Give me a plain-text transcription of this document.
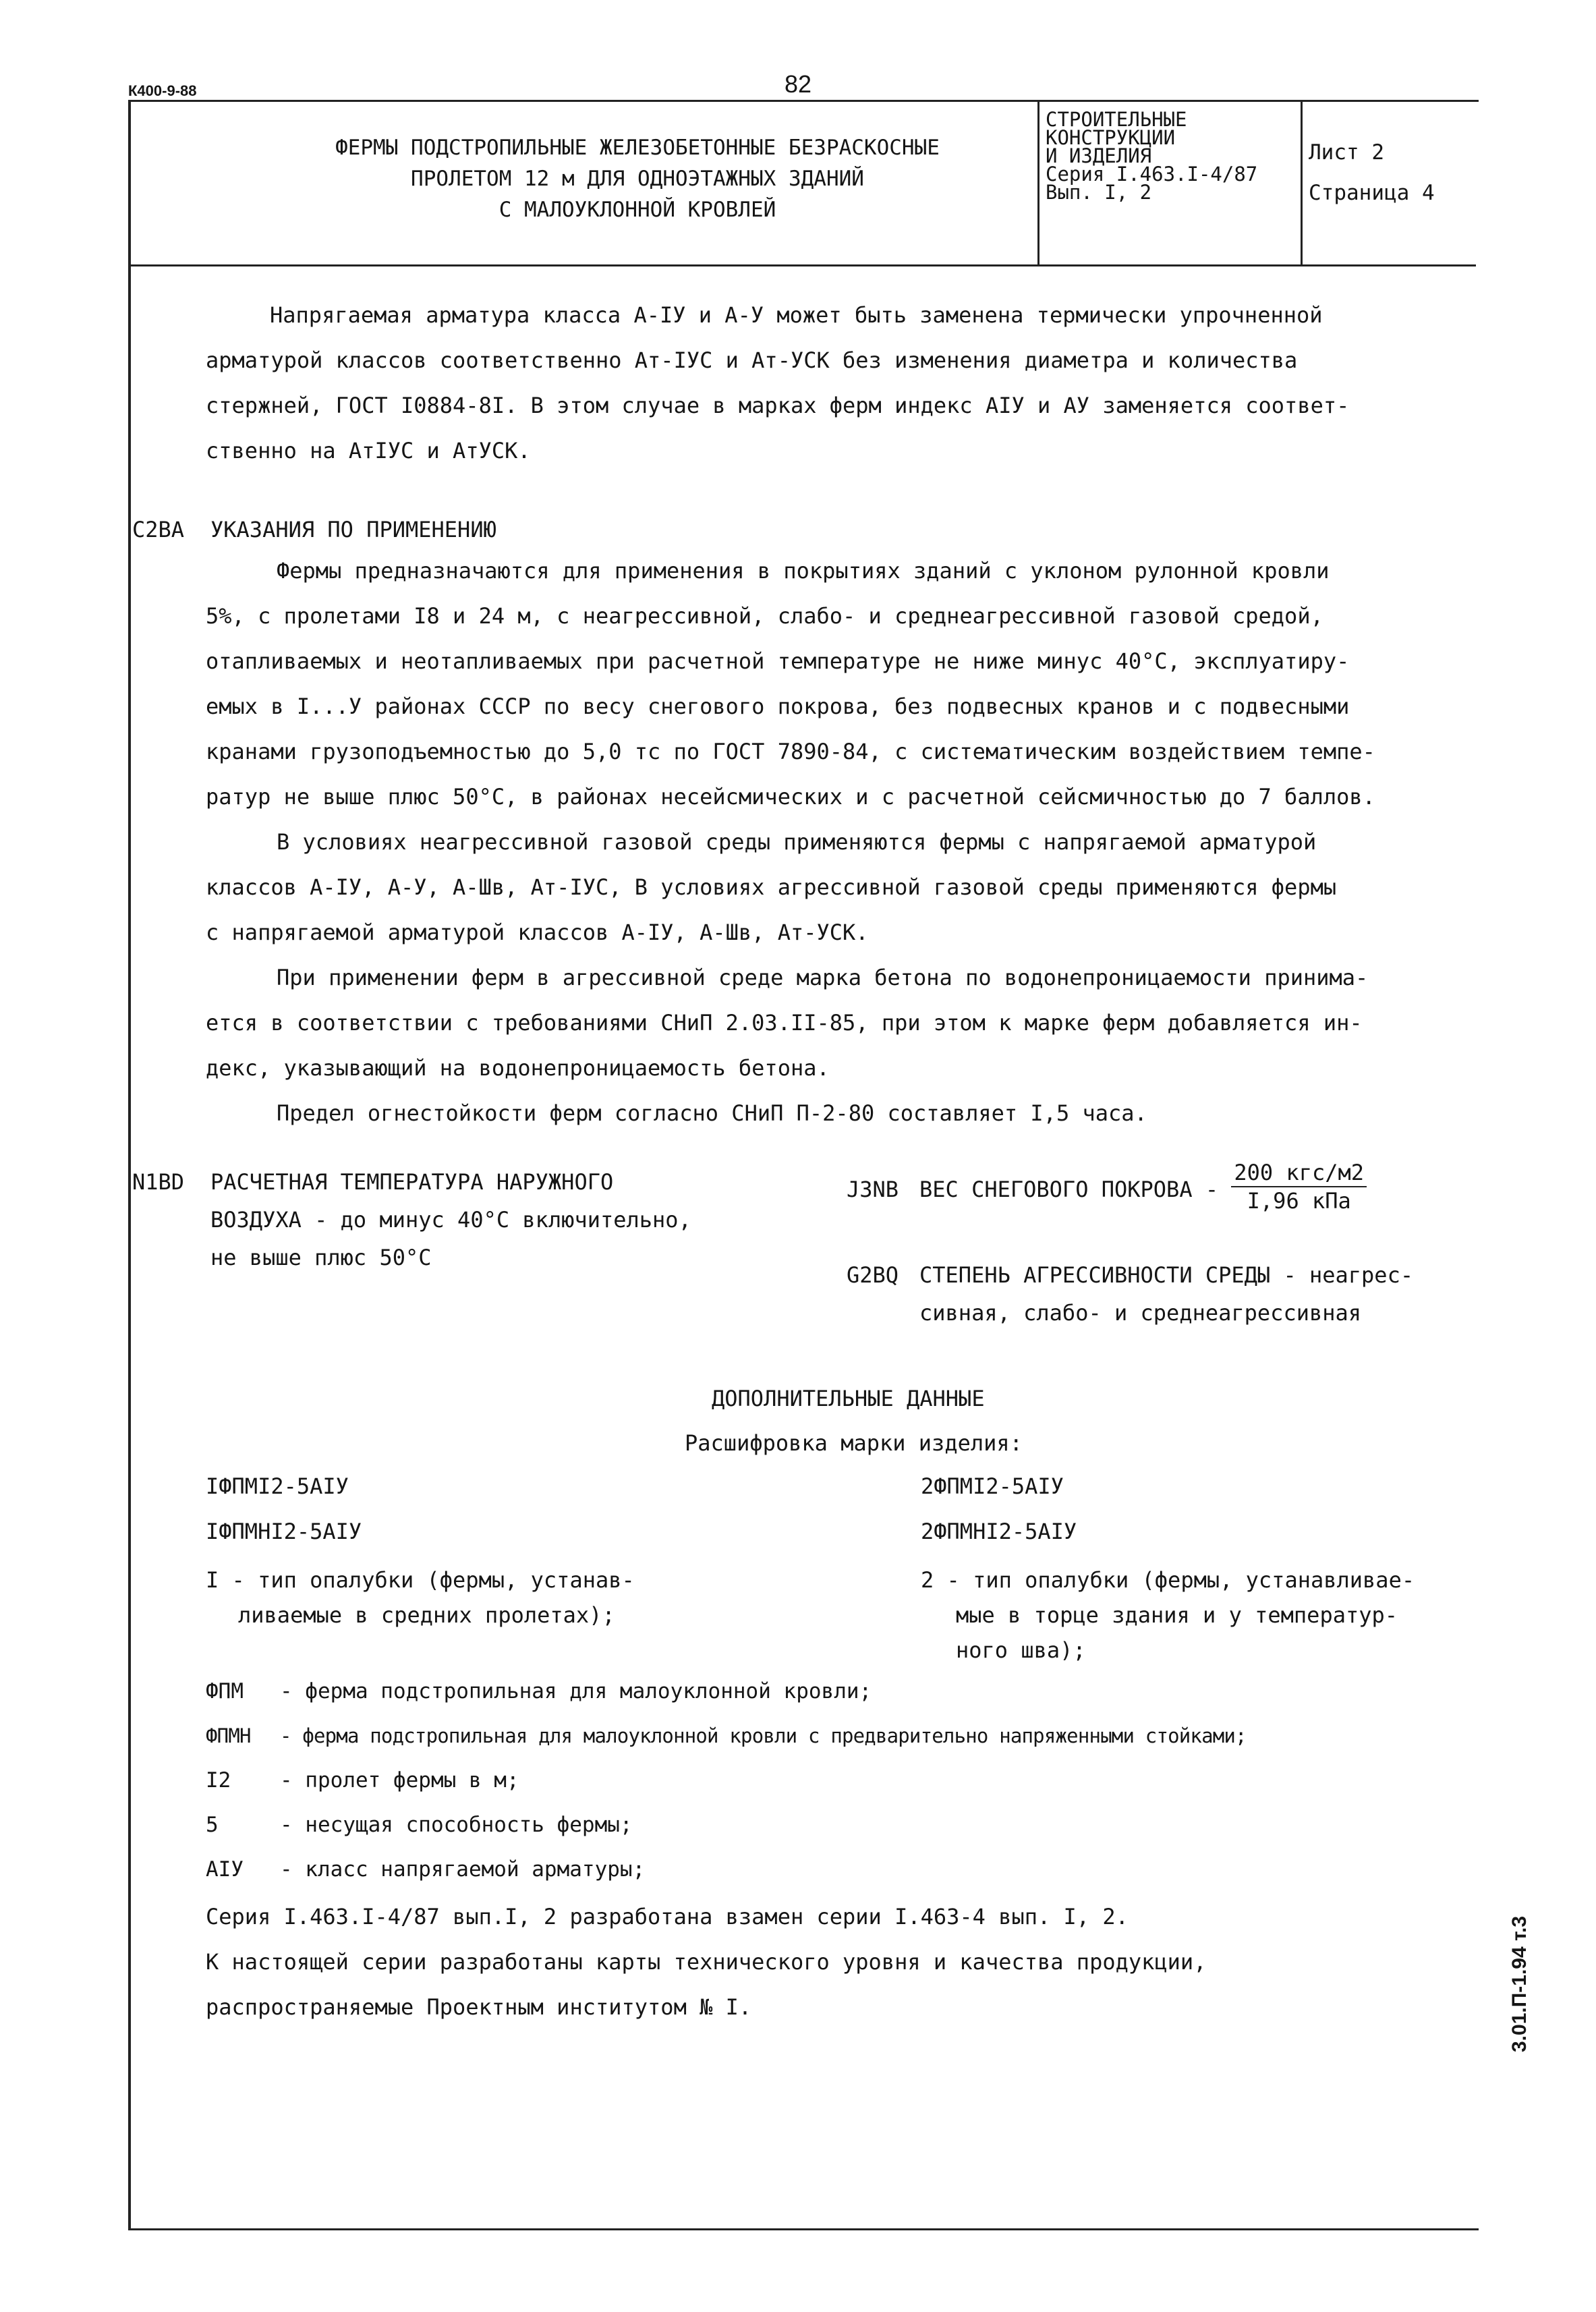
К400-9-88	82
ФЕРМЫ ПОДСТРОПИЛЬНЫЕ ЖЕЛЕЗОБЕТОННЫЕ БЕЗРАСКОСНЫЕ
ПРОЛЕТОМ 12 м ДЛЯ ОДНОЭТАЖНЫХ ЗДАНИЙ
С МАЛОУКЛОННОЙ КРОВЛЕЙ
СТРОИТЕЛЬНЫЕ
КОНСТРУКЦИИ
И ИЗДЕЛИЯ
Серия I.463.I-4/87
Вып. I, 2
Лист 2
Страница 4
Напрягаемая арматура класса А-IУ и А-У может быть заменена термически упрочненной
арматурой классов соответственно Ат-IУС и Ат-УСК без изменения диаметра и количества
стержней, ГОСТ I0884-8I. В этом случае в марках ферм индекс АIУ и АУ заменяется соответ-
ственно на АтIУС и АтУСК.
С2ВА УКАЗАНИЯ ПО ПРИМЕНЕНИЮ
Фермы предназначаются для применения в покрытиях зданий с уклоном рулонной кровли
5%, с пролетами I8 и 24 м, с неагрессивной, слабо- и среднеагрессивной газовой средой,
отапливаемых и неотапливаемых при расчетной температуре не ниже минус 40°С, эксплуатиру-
емых в I...У районах СССР по весу снегового покрова, без подвесных кранов и с подвесными
кранами грузоподъемностью до 5,0 тс по ГОСТ 7890-84, с систематическим воздействием темпе-
ратур не выше плюс 50°С, в районах несейсмических и с расчетной сейсмичностью до 7 баллов.
В условиях неагрессивной газовой среды применяются фермы с напрягаемой арматурой
классов А-IУ, А-У, А-Шв, Ат-IУС, В условиях агрессивной газовой среды применяются фермы
с напрягаемой арматурой классов А-IУ, А-Шв, Ат-УСК.
При применении ферм в агрессивной среде марка бетона по водонепроницаемости принима-
ется в соответствии с требованиями СНиП 2.03.II-85, при этом к марке ферм добавляется ин-
декс, указывающий на водонепроницаемость бетона.
Предел огнестойкости ферм согласно СНиП П-2-80 составляет I,5 часа.
N1BD РАСЧЕТНАЯ ТЕМПЕРАТУРА НАРУЖНОГО
ВОЗДУХА - до минус 40°С включительно,
не выше плюс 50°С
J3NB ВЕС СНЕГОВОГО ПОКРОВА - $\frac{\text{200 кгс/м2}}{\text{I,96 кПа}}$
G2BQ СТЕПЕНЬ АГРЕССИВНОСТИ СРЕДЫ - неагрес-
сивная, слабо- и среднеагрессивная
ДОПОЛНИТЕЛЬНЫЕ ДАННЫЕ
Расшифровка марки изделия:
IФПМI2-5АIУ
IФПМНI2-5АIУ
2ФПМI2-5АIУ
2ФПМНI2-5АIУ
I - тип опалубки (фермы, устанав-
ливаемые в средних пролетах);
2 - тип опалубки (фермы, устанавливае-
мые в торце здания и у температур-
ного шва);
ФПМ - ферма подстропильная для малоуклонной кровли;
ФПМН - ферма подстропильная для малоуклонной кровли с предварительно напряженными стойками;
I2 - пролет фермы в м;
5	- несущая способность фермы;
АIУ - класс напрягаемой арматуры;
Серия I.463.I-4/87 вып.I, 2 разработана взамен серии I.463-4 вып. I, 2.
К настоящей серии разработаны карты технического уровня и качества продукции,
распространяемые Проектным институтом № I.	3.01.П-1.94 т.3
